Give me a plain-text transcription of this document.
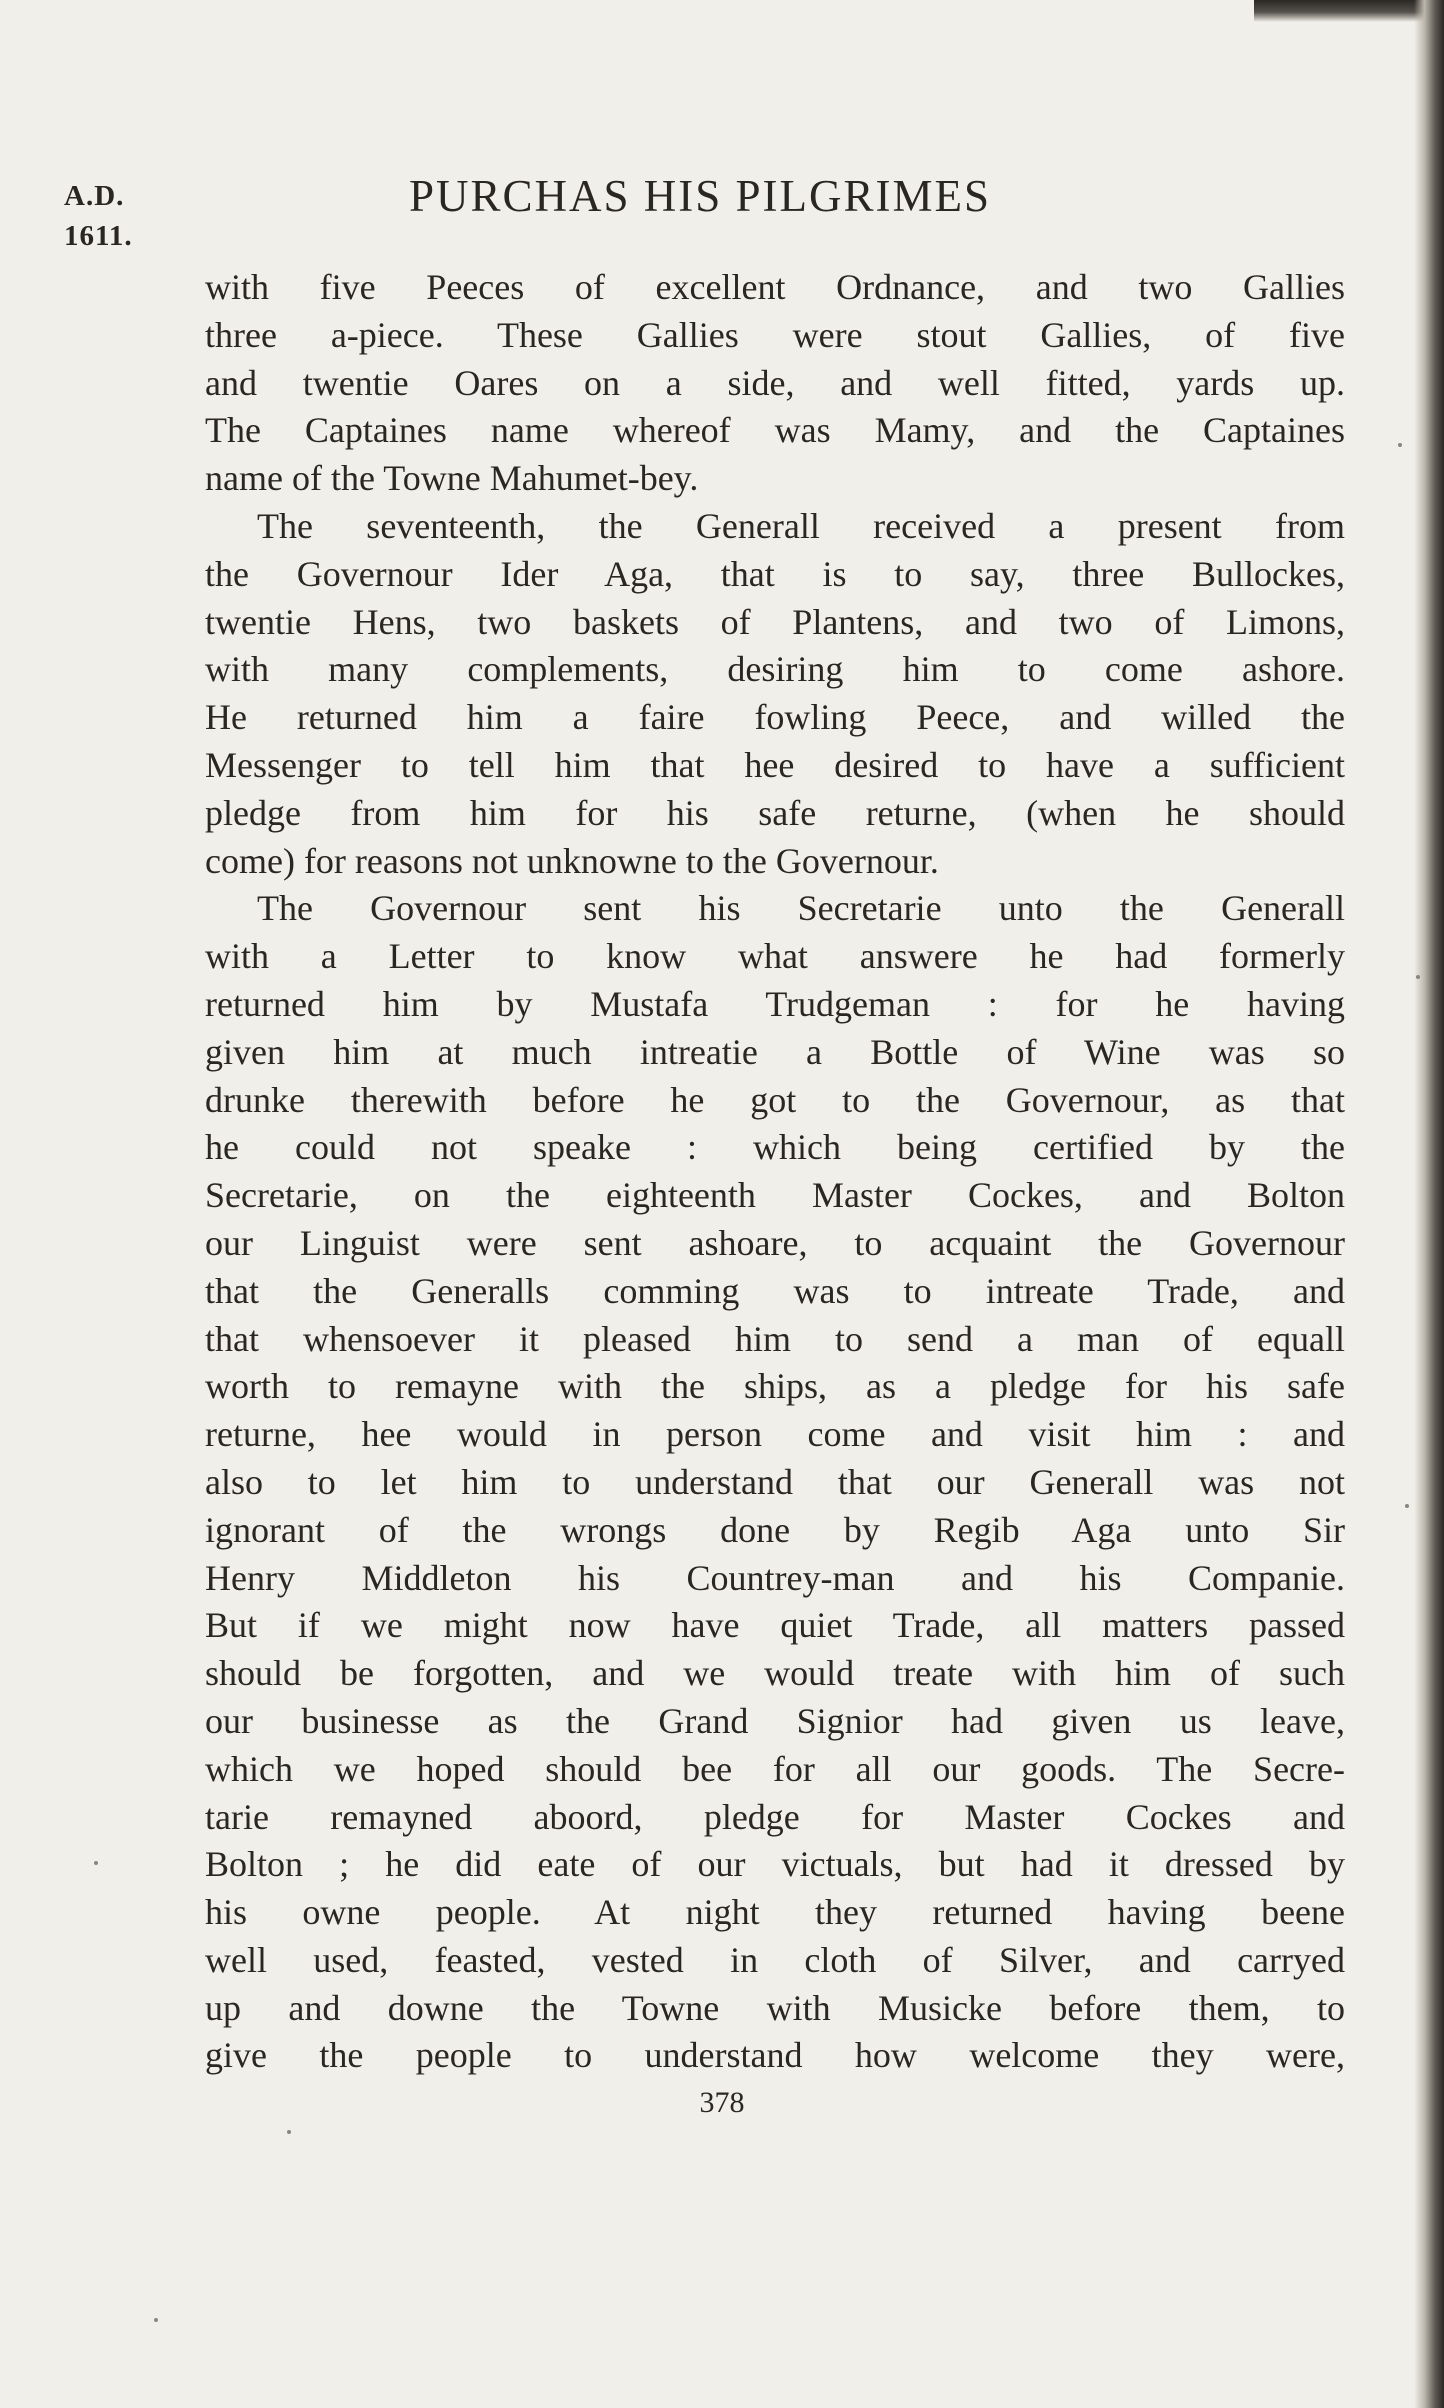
A.D.
1611.
PURCHAS HIS PILGRIMES
with five Peeces of excellent Ordnance, and two Gallies
three a-piece. These Gallies were stout Gallies, of five
and twentie Oares on a side, and well fitted, yards up.
The Captaines name whereof was Mamy, and the Captaines
name of the Towne Mahumet-bey.
The seventeenth, the Generall received a present from
the Governour Ider Aga, that is to say, three Bullockes,
twentie Hens, two baskets of Plantens, and two of Limons,
with many complements, desiring him to come ashore.
He returned him a faire fowling Peece, and willed the
Messenger to tell him that hee desired to have a sufficient
pledge from him for his safe returne, (when he should
come) for reasons not unknowne to the Governour.
The Governour sent his Secretarie unto the Generall
with a Letter to know what answere he had formerly
returned him by Mustafa Trudgeman : for he having
given him at much intreatie a Bottle of Wine was so
drunke therewith before he got to the Governour, as that
he could not speake : which being certified by the
Secretarie, on the eighteenth Master Cockes, and Bolton
our Linguist were sent ashoare, to acquaint the Governour
that the Generalls comming was to intreate Trade, and
that whensoever it pleased him to send a man of equall
worth to remayne with the ships, as a pledge for his safe
returne, hee would in person come and visit him : and
also to let him to understand that our Generall was not
ignorant of the wrongs done by Regib Aga unto Sir
Henry Middleton his Countrey-man and his Companie.
But if we might now have quiet Trade, all matters passed
should be forgotten, and we would treate with him of such
our businesse as the Grand Signior had given us leave,
which we hoped should bee for all our goods. The Secre-
tarie remayned aboord, pledge for Master Cockes and
Bolton ; he did eate of our victuals, but had it dressed by
his owne people. At night they returned having beene
well used, feasted, vested in cloth of Silver, and carryed
up and downe the Towne with Musicke before them, to
give the people to understand how welcome they were,
378
